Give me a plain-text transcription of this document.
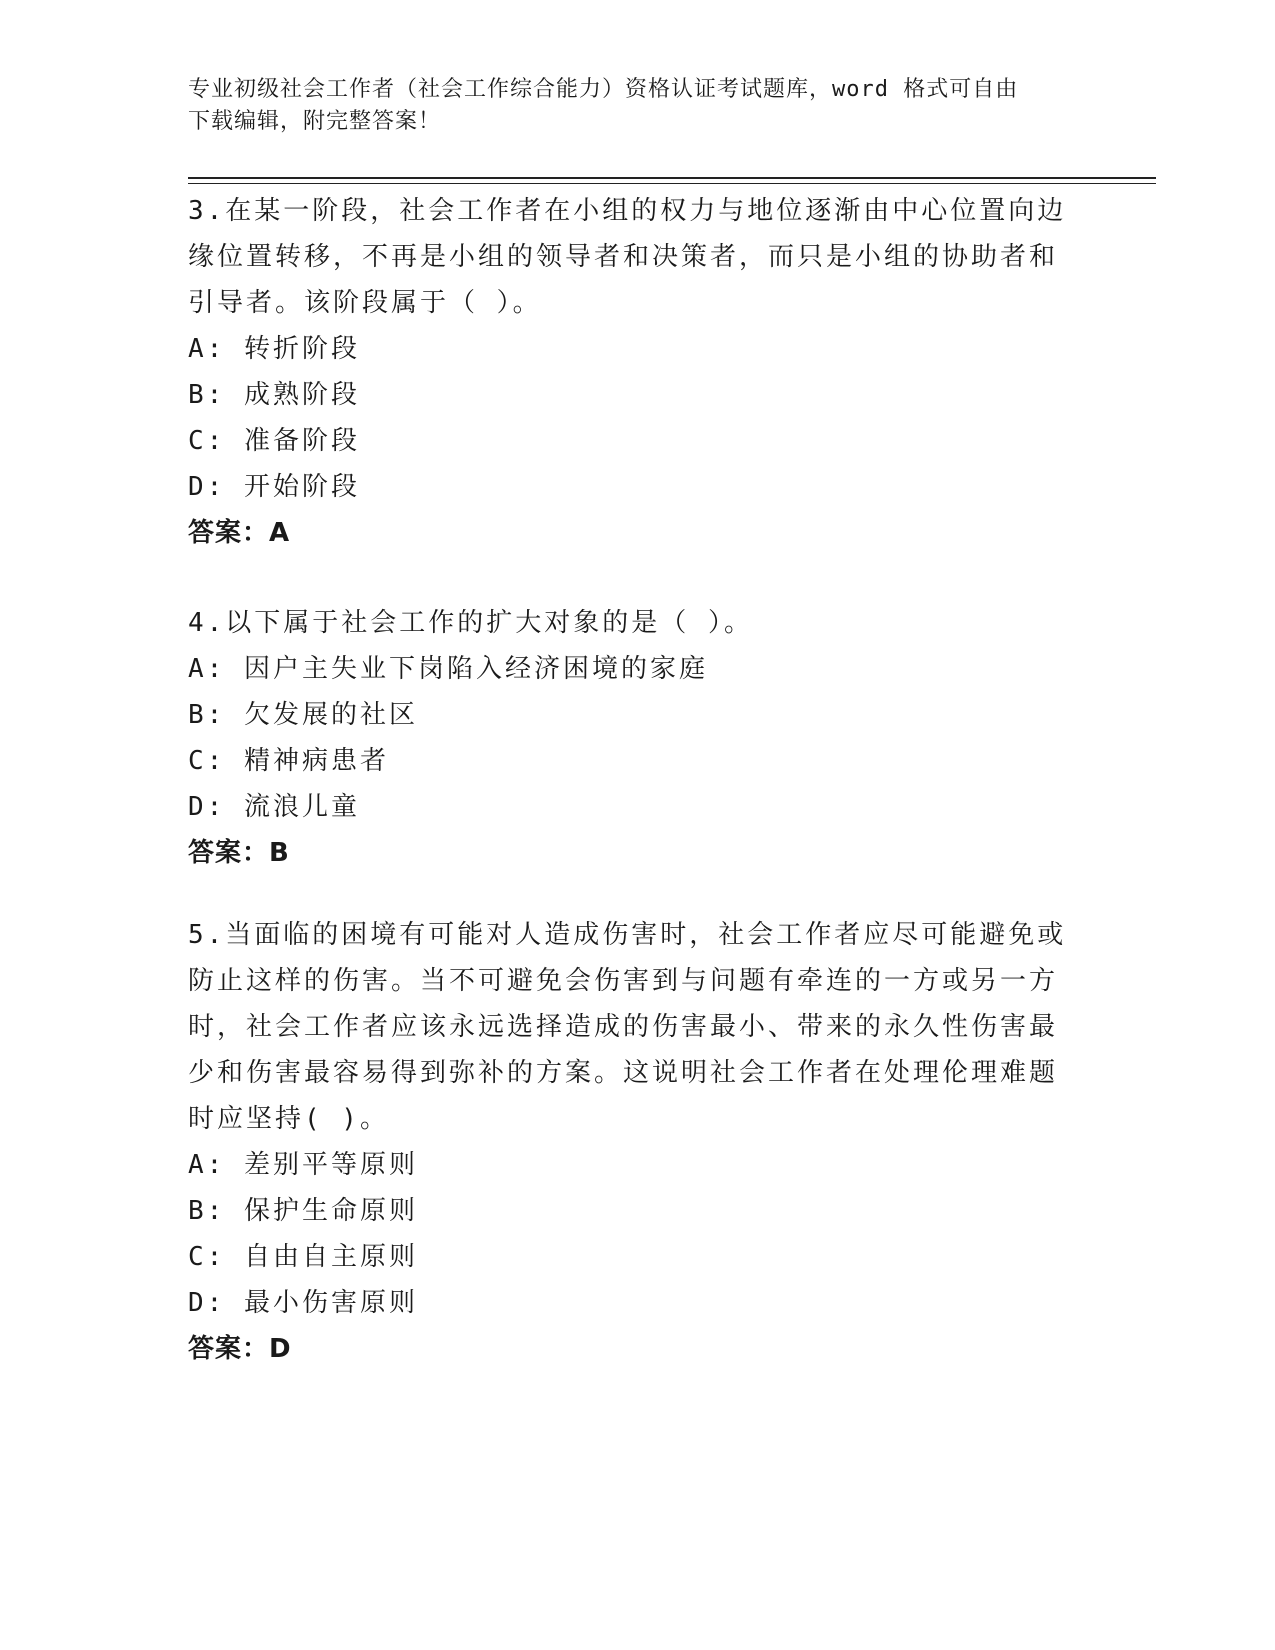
专业初级社会工作者（社会工作综合能力）资格认证考试题库，word 格式可自由
下载编辑，附完整答案！
3.在某一阶段，社会工作者在小组的权力与地位逐渐由中心位置向边
缘位置转移，不再是小组的领导者和决策者，而只是小组的协助者和
引导者。该阶段属于（ ）。
A: 转折阶段
B: 成熟阶段
C: 准备阶段
D: 开始阶段
答案：A
4.以下属于社会工作的扩大对象的是（ ）。
A: 因户主失业下岗陷入经济困境的家庭
B: 欠发展的社区
C: 精神病患者
D: 流浪儿童
答案：B
5.当面临的困境有可能对人造成伤害时，社会工作者应尽可能避免或
防止这样的伤害。当不可避免会伤害到与问题有牵连的一方或另一方
时，社会工作者应该永远选择造成的伤害最小、带来的永久性伤害最
少和伤害最容易得到弥补的方案。这说明社会工作者在处理伦理难题
时应坚持( )。
A: 差别平等原则
B: 保护生命原则
C: 自由自主原则
D: 最小伤害原则
答案：D
